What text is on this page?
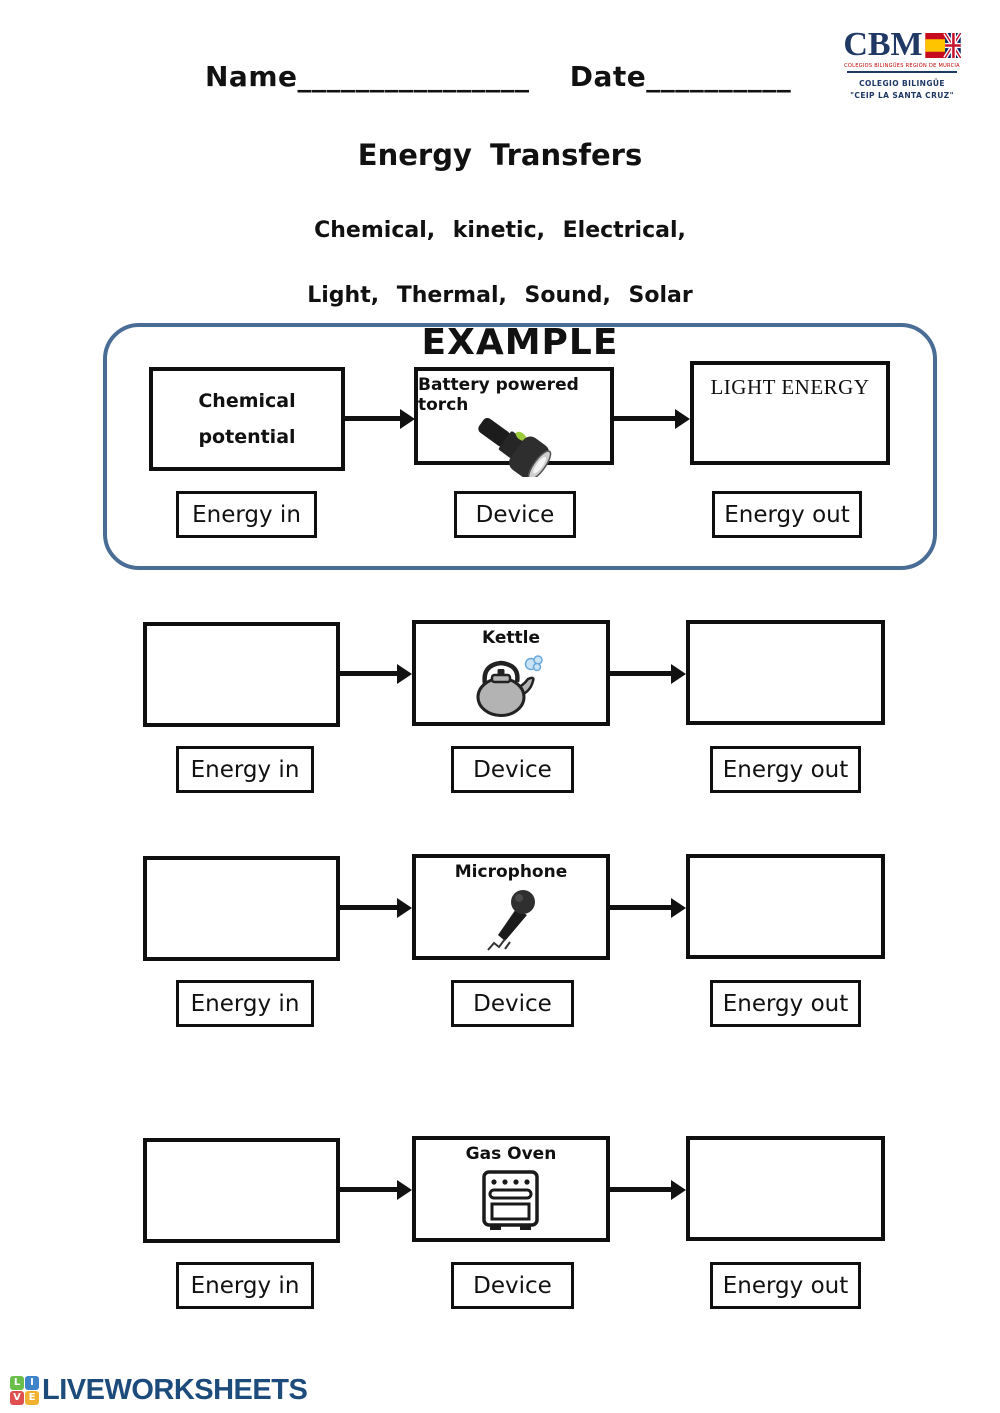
Name________________ Date__________
CBM
COLEGIOS BILINGÜES REGIÓN DE MURCIA
COLEGIO BILINGÜE
"CEIP LA SANTA CRUZ"
Energy Transfers
Chemical, kinetic, Electrical,
Light, Thermal, Sound, Solar
EXAMPLE
Chemical
potential
Battery powered torch
LIGHT ENERGY
Energy in	Device	Energy out
Kettle
Energy in	Device	Energy out
Microphone
Energy in	Device	Energy out
Gas Oven
Energy in	Device	Energy out
L I
V E LIVEWORKSHEETS
